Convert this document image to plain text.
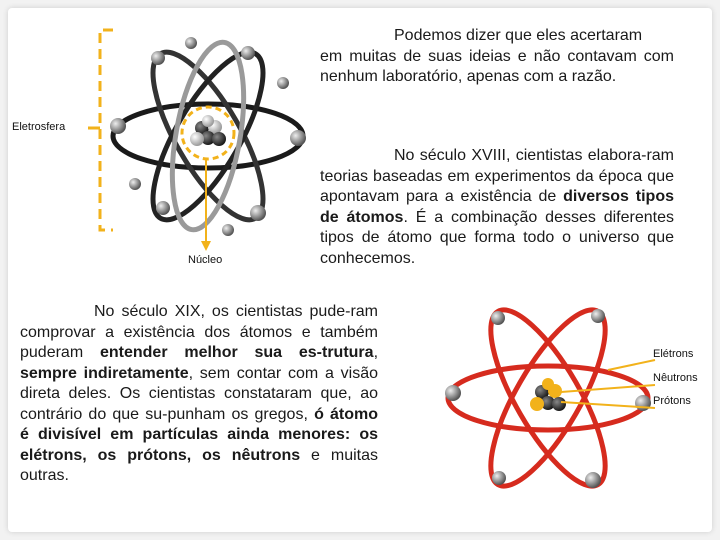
Eletrosfera
Núcleo
Podemos dizer que eles acertaram
em muitas de suas ideias e não contavam com nenhum laboratório, apenas com a razão.

No século XVIII, cientistas elabora-ram teorias baseadas em experimentos da época que apontavam para a existência de diversos tipos de átomos. É a combinação desses diferentes tipos de átomo que forma todo o universo que conhecemos.

No século XIX, os cientistas pude-ram comprovar a existência dos átomos e também puderam entender melhor sua es-trutura, sempre indiretamente, sem contar com a visão direta deles. Os cientistas constataram que, ao contrário do que su-punham os gregos, ó átomo é divisível em partículas ainda menores: os elétrons, os prótons, os nêutrons e muitas outras.

Elétrons
Nêutrons
Prótons
